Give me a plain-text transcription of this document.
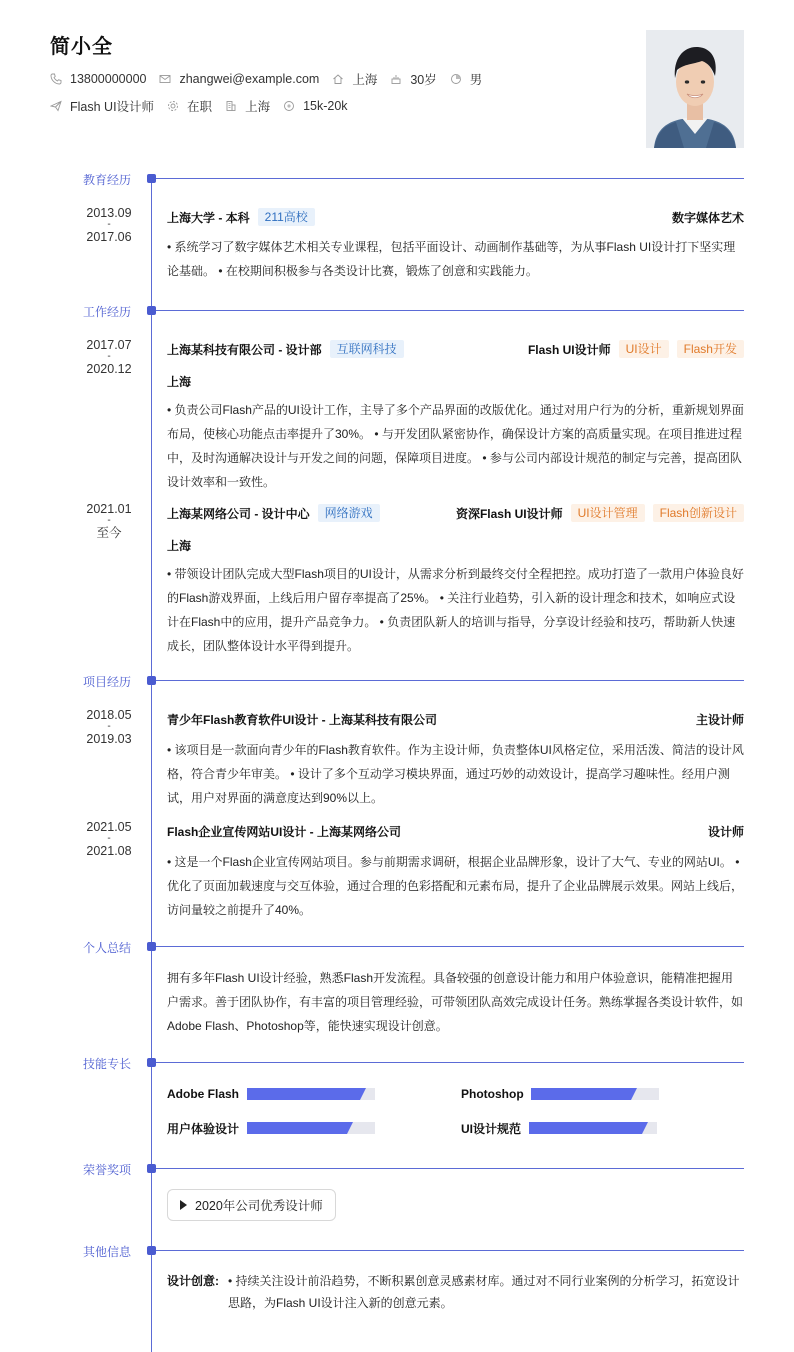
简小全
13800000000	zhangwei@example.com	上海	30岁	男
Flash UI设计师	在职	上海	15k-20k
教育经历
2013.09
-
2017.06
上海大学 - 本科	211高校	数字媒体艺术
• 系统学习了数字媒体艺术相关专业课程，包括平面设计、动画制作基础等，为从事Flash UI设计打下坚实理论基础。 • 在校期间积极参与各类设计比赛，锻炼了创意和实践能力。
工作经历
2017.07
-
2020.12
上海某科技有限公司 - 设计部	互联网科技	Flash UI设计师	UI设计	Flash开发
上海
• 负责公司Flash产品的UI设计工作，主导了多个产品界面的改版优化。通过对用户行为的分析，重新规划界面布局，使核心功能点击率提升了30%。 • 与开发团队紧密协作，确保设计方案的高质量实现。在项目推进过程中，及时沟通解决设计与开发之间的问题，保障项目进度。 • 参与公司内部设计规范的制定与完善，提高团队设计效率和一致性。
2021.01
-
至今
上海某网络公司 - 设计中心	网络游戏	资深Flash UI设计师	UI设计管理	Flash创新设计
上海
• 带领设计团队完成大型Flash项目的UI设计，从需求分析到最终交付全程把控。成功打造了一款用户体验良好的Flash游戏界面，上线后用户留存率提高了25%。 • 关注行业趋势，引入新的设计理念和技术，如响应式设计在Flash中的应用，提升产品竞争力。 • 负责团队新人的培训与指导，分享设计经验和技巧，帮助新人快速成长，团队整体设计水平得到提升。
项目经历
2018.05
-
2019.03
青少年Flash教育软件UI设计 - 上海某科技有限公司	主设计师
• 该项目是一款面向青少年的Flash教育软件。作为主设计师，负责整体UI风格定位，采用活泼、简洁的设计风格，符合青少年审美。 • 设计了多个互动学习模块界面，通过巧妙的动效设计，提高学习趣味性。经用户测试，用户对界面的满意度达到90%以上。
2021.05
-
2021.08
Flash企业宣传网站UI设计 - 上海某网络公司	设计师
• 这是一个Flash企业宣传网站项目。参与前期需求调研，根据企业品牌形象，设计了大气、专业的网站UI。 • 优化了页面加载速度与交互体验，通过合理的色彩搭配和元素布局，提升了企业品牌展示效果。网站上线后，访问量较之前提升了40%。
个人总结
拥有多年Flash UI设计经验，熟悉Flash开发流程。具备较强的创意设计能力和用户体验意识，能精准把握用户需求。善于团队协作，有丰富的项目管理经验，可带领团队高效完成设计任务。熟练掌握各类设计软件，如Adobe Flash、Photoshop等，能快速实现设计创意。
技能专长
Adobe Flash	Photoshop
用户体验设计	UI设计规范
荣誉奖项
2020年公司优秀设计师
其他信息
设计创意: • 持续关注设计前沿趋势，不断积累创意灵感素材库。通过对不同行业案例的分析学习，拓宽设计思路，为Flash UI设计注入新的创意元素。
